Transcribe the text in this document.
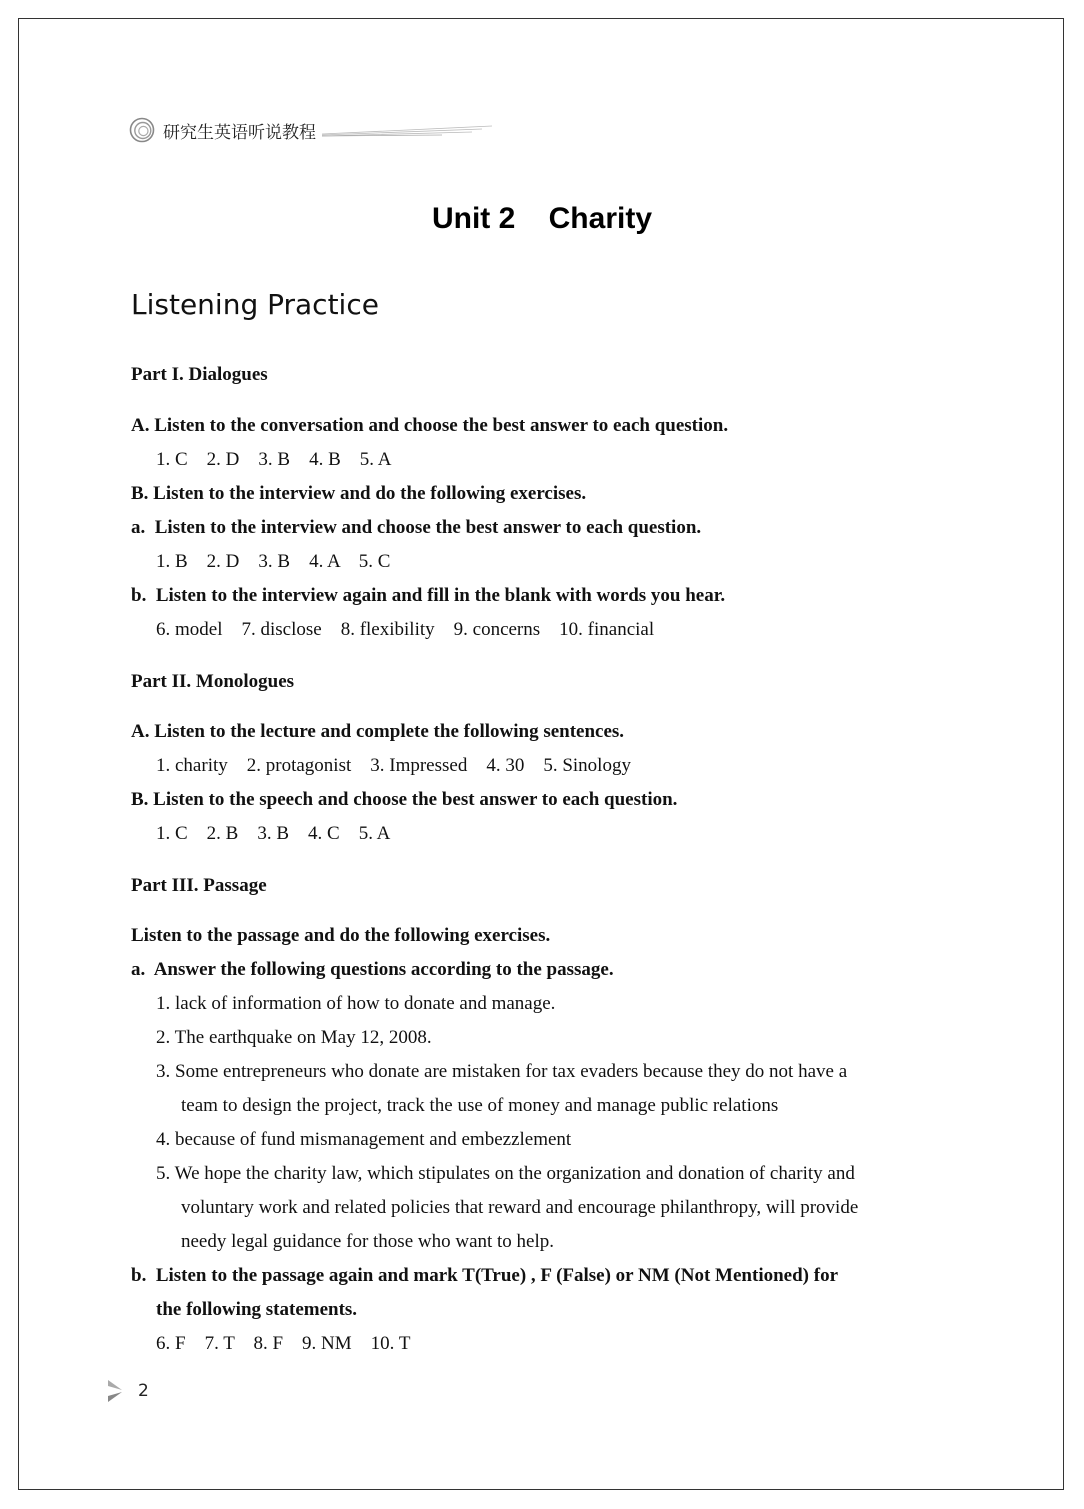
研究生英语听说教程
Unit 2    Charity
Listening Practice
Part I. Dialogues
A. Listen to the conversation and choose the best answer to each question.
1. C    2. D    3. B    4. B    5. A
B. Listen to the interview and do the following exercises.
a.  Listen to the interview and choose the best answer to each question.
1. B    2. D    3. B    4. A    5. C
b.  Listen to the interview again and fill in the blank with words you hear.
6. model    7. disclose    8. flexibility    9. concerns    10. financial
Part II. Monologues
A. Listen to the lecture and complete the following sentences.
1. charity    2. protagonist    3. Impressed    4. 30    5. Sinology
B. Listen to the speech and choose the best answer to each question.
1. C    2. B    3. B    4. C    5. A
Part III. Passage
Listen to the passage and do the following exercises.
a.  Answer the following questions according to the passage.
1. lack of information of how to donate and manage.
2. The earthquake on May 12, 2008.
3. Some entrepreneurs who donate are mistaken for tax evaders because they do not have a
team to design the project, track the use of money and manage public relations
4. because of fund mismanagement and embezzlement
5. We hope the charity law, which stipulates on the organization and donation of charity and
voluntary work and related policies that reward and encourage philanthropy, will provide
needy legal guidance for those who want to help.
b.  Listen to the passage again and mark T(True) , F (False) or NM (Not Mentioned) for
the following statements.
6. F    7. T    8. F    9. NM    10. T
2
